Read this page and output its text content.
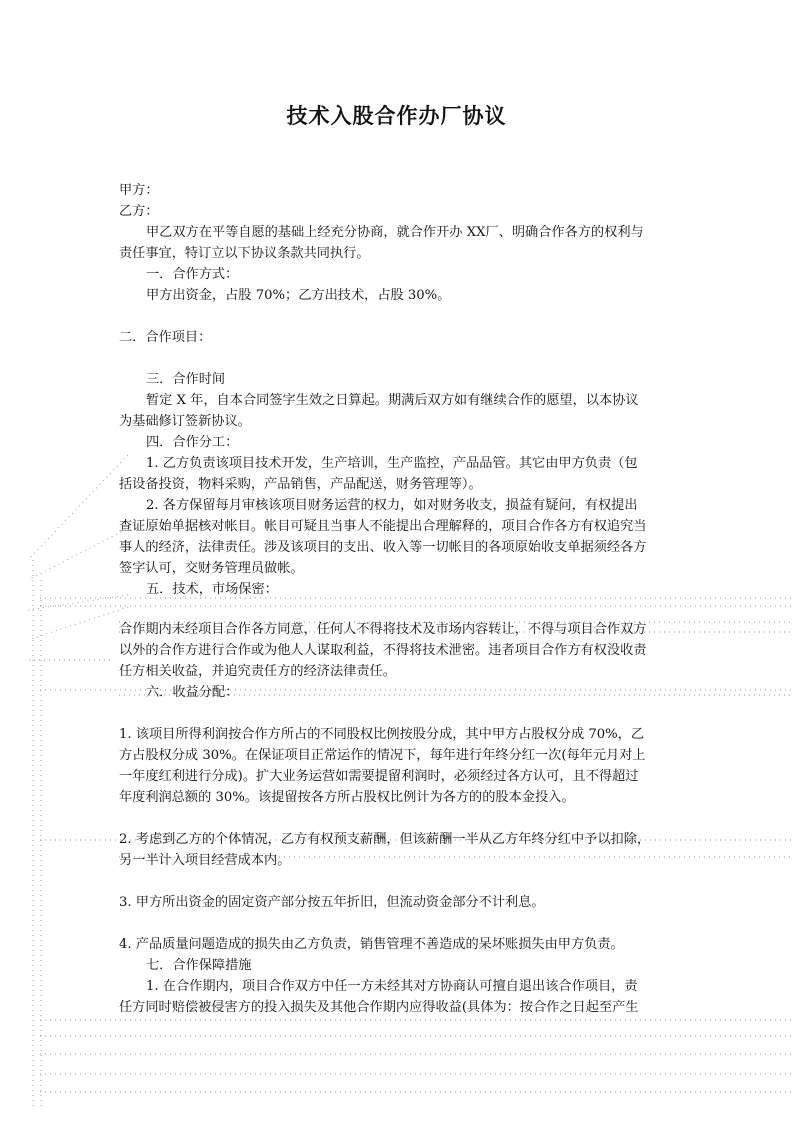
技术入股合作办厂协议
甲方：
乙方：
甲乙双方在平等自愿的基础上经充分协商，就合作开办 XX厂、明确合作各方的权利与
责任事宜，特订立以下协议条款共同执行。
一．合作方式：
甲方出资金，占股 70%；乙方出技术，占股 30%。
二．合作项目：
三．合作时间
暂定 X 年，自本合同签字生效之日算起。期满后双方如有继续合作的愿望，以本协议
为基础修订签新协议。
四．合作分工：
1. 乙方负责该项目技术开发，生产培训，生产监控，产品品管。其它由甲方负责（包
括设备投资，物料采购，产品销售，产品配送，财务管理等）。
2. 各方保留每月审核该项目财务运营的权力，如对财务收支，损益有疑问，有权提出
查证原始单据核对帐目。帐目可疑且当事人不能提出合理解释的，项目合作各方有权追究当
事人的经济，法律责任。涉及该项目的支出、收入等一切帐目的各项原始收支单据须经各方
签字认可，交财务管理员做帐。
五．技术，市场保密：
合作期内未经项目合作各方同意，任何人不得将技术及市场内容转让，不得与项目合作双方
以外的合作方进行合作或为他人人谋取利益，不得将技术泄密。违者项目合作方有权没收责
任方相关收益，并追究责任方的经济法律责任。
六．收益分配：
1. 该项目所得利润按合作方所占的不同股权比例按股分成，其中甲方占股权分成 70%，乙
方占股权分成 30%。在保证项目正常运作的情况下，每年进行年终分红一次(每年元月对上
一年度红利进行分成)。扩大业务运营如需要提留利润时，必须经过各方认可，且不得超过
年度利润总额的 30%。该提留按各方所占股权比例计为各方的的股本金投入。
2. 考虑到乙方的个体情况，乙方有权预支薪酬，但该薪酬一半从乙方年终分红中予以扣除，
另一半计入项目经营成本内。
3. 甲方所出资金的固定资产部分按五年折旧，但流动资金部分不计利息。
4. 产品质量问题造成的损失由乙方负责，销售管理不善造成的呆坏账损失由甲方负责。
七．合作保障措施
1. 在合作期内，项目合作双方中任一方未经其对方协商认可擅自退出该合作项目，责
任方同时赔偿被侵害方的投入损失及其他合作期内应得收益(具体为：按合作之日起至产生
